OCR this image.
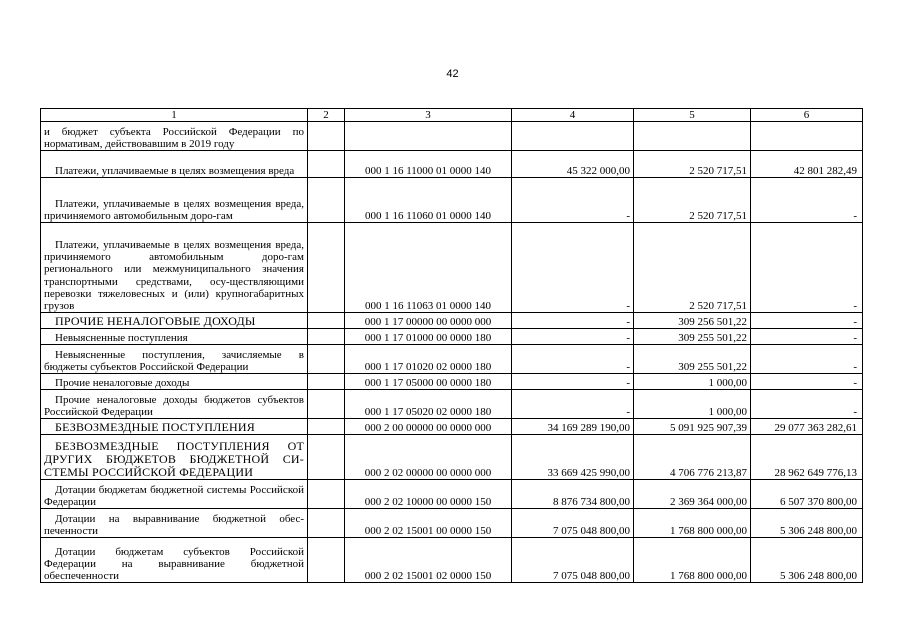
42
1	2	3	4	5	6
и бюджет субъекта Российской Федерации по нормативам, действовавшим в 2019 году					
Платежи, уплачиваемые в целях возмещения вреда		000 1 16 11000 01 0000 140	45 322 000,00	2 520 717,51	42 801 282,49
Платежи, уплачиваемые в целях возмещения вреда, причиняемого автомобильным доро-гам		000 1 16 11060 01 0000 140	-	2 520 717,51	-
Платежи, уплачиваемые в целях возмещения вреда, причиняемого автомобильным доро-гам регионального или межмуниципального значения транспортными средствами, осу-ществляющими перевозки тяжеловесных и (или) крупногабаритных грузов		000 1 16 11063 01 0000 140	-	2 520 717,51	-
ПРОЧИЕ НЕНАЛОГОВЫЕ ДОХОДЫ		000 1 17 00000 00 0000 000	-	309 256 501,22	-
Невыясненные поступления		000 1 17 01000 00 0000 180	-	309 255 501,22	-
Невыясненные поступления, зачисляемые в бюджеты субъектов Российской Федерации		000 1 17 01020 02 0000 180	-	309 255 501,22	-
Прочие неналоговые доходы		000 1 17 05000 00 0000 180	-	1 000,00	-
Прочие неналоговые доходы бюджетов субъектов Российской Федерации		000 1 17 05020 02 0000 180	-	1 000,00	-
БЕЗВОЗМЕЗДНЫЕ ПОСТУПЛЕНИЯ		000 2 00 00000 00 0000 000	34 169 289 190,00	5 091 925 907,39	29 077 363 282,61
БЕЗВОЗМЕЗДНЫЕ ПОСТУПЛЕНИЯ ОТ ДРУГИХ БЮДЖЕТОВ БЮДЖЕТНОЙ СИ-СТЕМЫ РОССИЙСКОЙ ФЕДЕРАЦИИ		000 2 02 00000 00 0000 000	33 669 425 990,00	4 706 776 213,87	28 962 649 776,13
Дотации бюджетам бюджетной системы Российской Федерации		000 2 02 10000 00 0000 150	8 876 734 800,00	2 369 364 000,00	6 507 370 800,00
Дотации на выравнивание бюджетной обес-печенности		000 2 02 15001 00 0000 150	7 075 048 800,00	1 768 800 000,00	5 306 248 800,00
Дотации бюджетам субъектов Российской Федерации на выравнивание бюджетной обеспеченности		000 2 02 15001 02 0000 150	7 075 048 800,00	1 768 800 000,00	5 306 248 800,00
